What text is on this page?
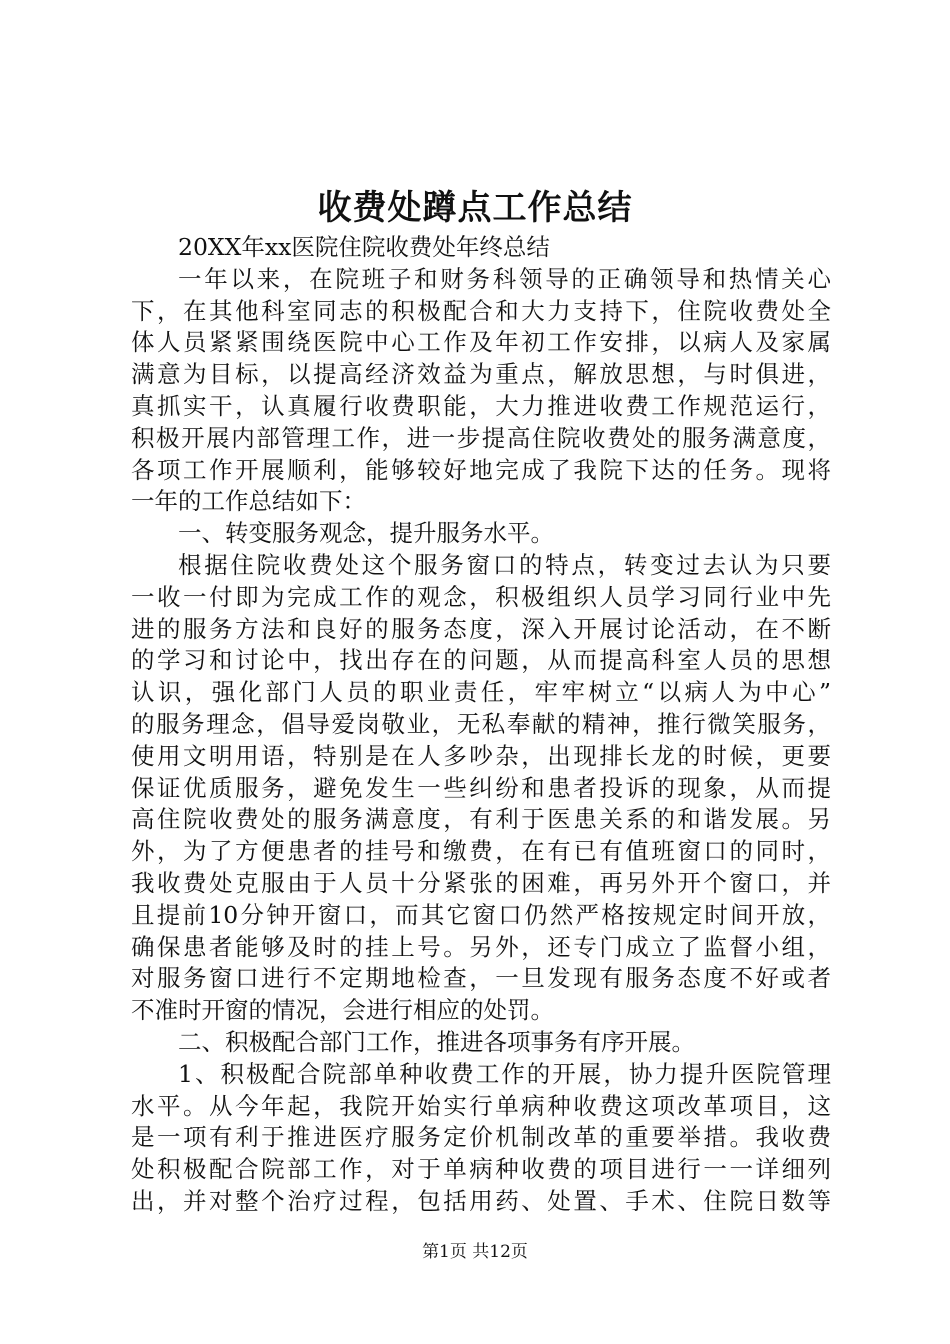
收费处蹲点工作总结
20XX年xx医院住院收费处年终总结
一年以来，在院班子和财务科领导的正确领导和热情关心
下，在其他科室同志的积极配合和大力支持下，住院收费处全
体人员紧紧围绕医院中心工作及年初工作安排，以病人及家属
满意为目标，以提高经济效益为重点，解放思想，与时俱进，
真抓实干，认真履行收费职能，大力推进收费工作规范运行，
积极开展内部管理工作，进一步提高住院收费处的服务满意度，
各项工作开展顺利，能够较好地完成了我院下达的任务。现将
一年的工作总结如下：
一、转变服务观念，提升服务水平。
根据住院收费处这个服务窗口的特点，转变过去认为只要
一收一付即为完成工作的观念，积极组织人员学习同行业中先
进的服务方法和良好的服务态度，深入开展讨论活动，在不断
的学习和讨论中，找出存在的问题，从而提高科室人员的思想
认识，强化部门人员的职业责任，牢牢树立“以病人为中心”
的服务理念，倡导爱岗敬业，无私奉献的精神，推行微笑服务，
使用文明用语，特别是在人多吵杂，出现排长龙的时候，更要
保证优质服务，避免发生一些纠纷和患者投诉的现象，从而提
高住院收费处的服务满意度，有利于医患关系的和谐发展。另
外，为了方便患者的挂号和缴费，在有已有值班窗口的同时，
我收费处克服由于人员十分紧张的困难，再另外开个窗口，并
且提前10分钟开窗口，而其它窗口仍然严格按规定时间开放，
确保患者能够及时的挂上号。另外，还专门成立了监督小组，
对服务窗口进行不定期地检查，一旦发现有服务态度不好或者
不准时开窗的情况，会进行相应的处罚。
二、积极配合部门工作，推进各项事务有序开展。
1、积极配合院部单种收费工作的开展，协力提升医院管理
水平。从今年起，我院开始实行单病种收费这项改革项目，这
是一项有利于推进医疗服务定价机制改革的重要举措。我收费
处积极配合院部工作，对于单病种收费的项目进行一一详细列
出，并对整个治疗过程，包括用药、处置、手术、住院日数等
第1页 共12页
